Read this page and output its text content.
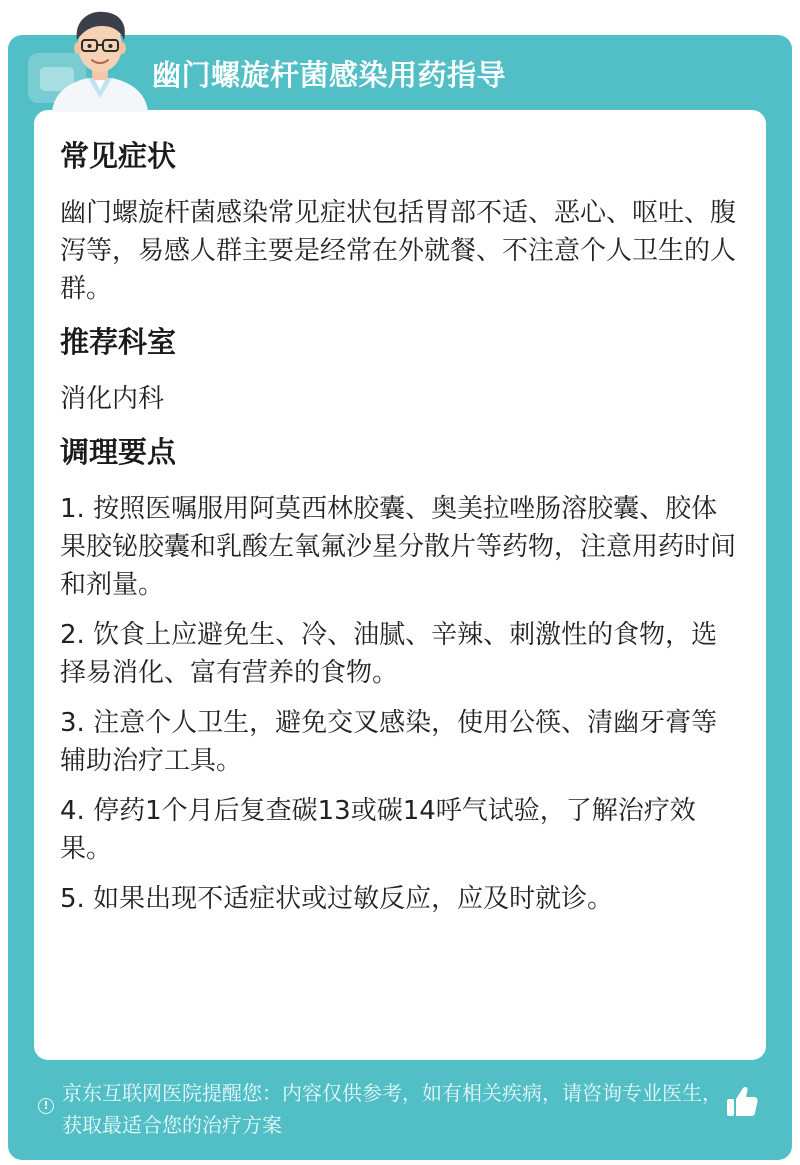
幽门螺旋杆菌感染用药指导
常见症状

幽门螺旋杆菌感染常见症状包括胃部不适、恶心、呕吐、腹泻等，易感人群主要是经常在外就餐、不注意个人卫生的人群。

推荐科室

消化内科

调理要点

1. 按照医嘱服用阿莫西林胶囊、奥美拉唑肠溶胶囊、胶体果胶铋胶囊和乳酸左氧氟沙星分散片等药物，注意用药时间和剂量。

2. 饮食上应避免生、冷、油腻、辛辣、刺激性的食物，选择易消化、富有营养的食物。

3. 注意个人卫生，避免交叉感染，使用公筷、清幽牙膏等辅助治疗工具。

4. 停药1个月后复查碳13或碳14呼气试验，了解治疗效果。

5. 如果出现不适症状或过敏反应，应及时就诊。

!
京东互联网医院提醒您：内容仅供参考，如有相关疾病，请咨询专业医生，获取最适合您的治疗方案
